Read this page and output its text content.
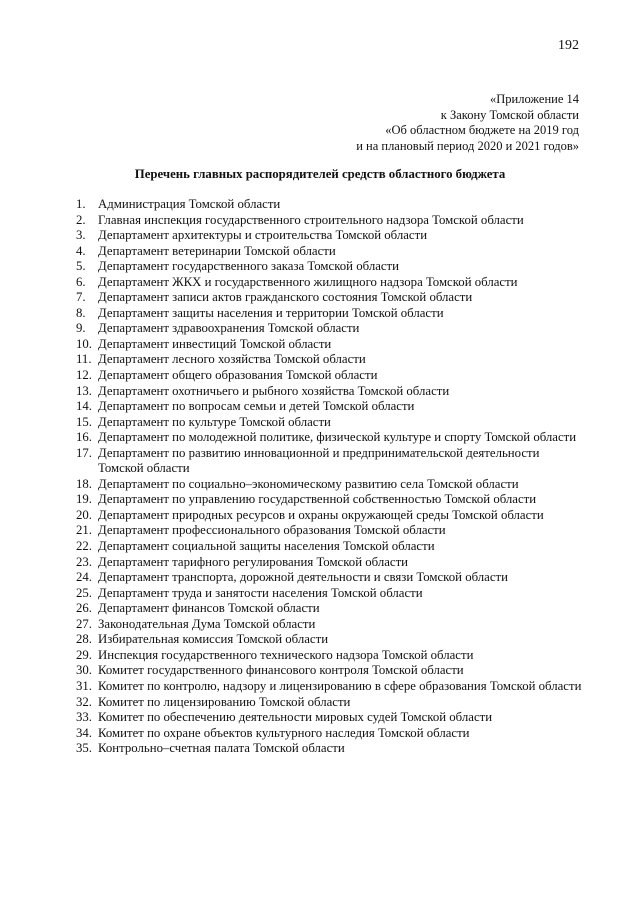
192
«Приложение 14
к Закону Томской области
«Об областном бюджете на 2019 год
и на плановый период 2020 и 2021 годов»
Перечень главных распорядителей средств областного бюджета
1. Администрация Томской области
2. Главная инспекция государственного строительного надзора Томской области
3. Департамент архитектуры и строительства Томской области
4. Департамент ветеринарии Томской области
5. Департамент государственного заказа Томской области
6. Департамент ЖКХ и государственного жилищного надзора Томской области
7. Департамент записи актов гражданского состояния Томской области
8. Департамент защиты населения и территории Томской области
9. Департамент здравоохранения Томской области
10. Департамент инвестиций Томской области
11. Департамент лесного хозяйства Томской области
12. Департамент общего образования Томской области
13. Департамент охотничьего и рыбного хозяйства Томской области
14. Департамент по вопросам семьи и детей Томской области
15. Департамент по культуре Томской области
16. Департамент по молодежной политике, физической культуре и спорту Томской области
17. Департамент по развитию инновационной и предпринимательской деятельности Томской области
18. Департамент по социально–экономическому развитию села Томской области
19. Департамент по управлению государственной собственностью Томской области
20. Департамент природных ресурсов и охраны окружающей среды Томской области
21. Департамент профессионального образования Томской области
22. Департамент социальной защиты населения Томской области
23. Департамент тарифного регулирования Томской области
24. Департамент транспорта, дорожной деятельности и связи Томской области
25. Департамент труда и занятости населения Томской области
26. Департамент финансов Томской области
27. Законодательная Дума Томской области
28. Избирательная комиссия Томской области
29. Инспекция государственного технического надзора Томской области
30. Комитет государственного финансового контроля Томской области
31. Комитет по контролю, надзору и лицензированию в сфере образования Томской области
32. Комитет по лицензированию Томской области
33. Комитет по обеспечению деятельности мировых судей Томской области
34. Комитет по охране объектов культурного наследия Томской области
35. Контрольно–счетная палата Томской области
